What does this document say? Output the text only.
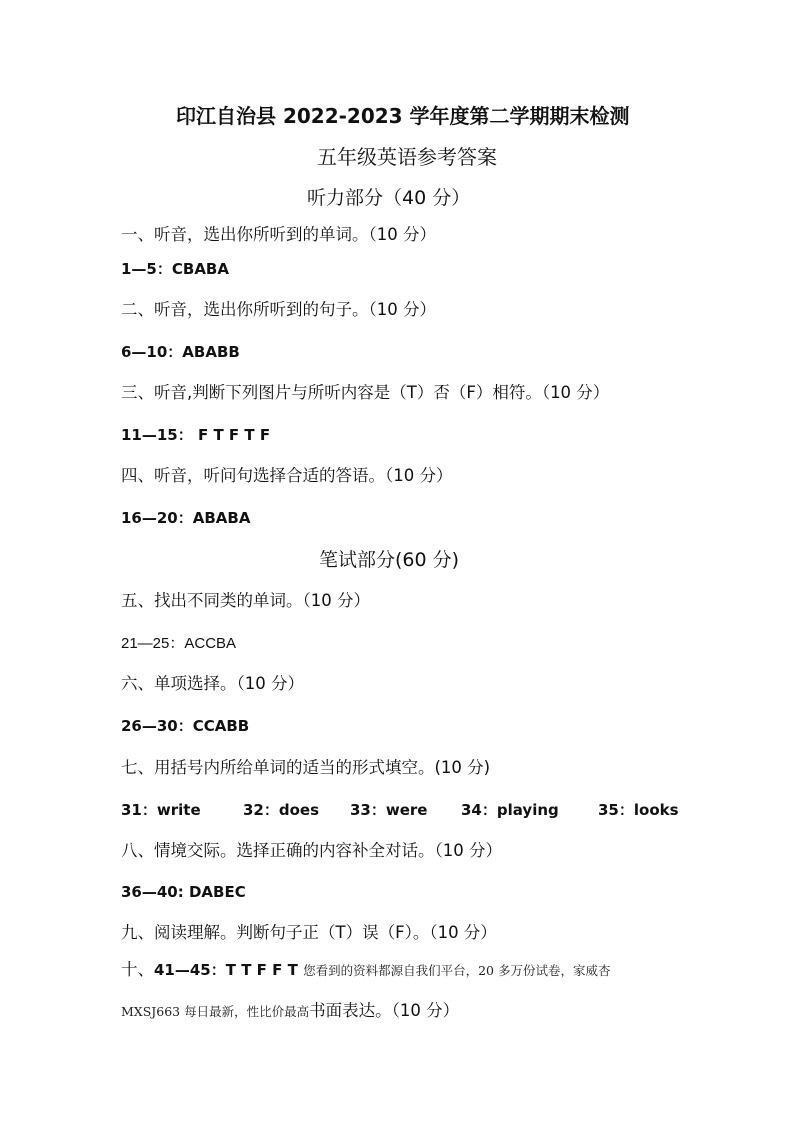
印江自治县 2022-2023 学年度第二学期期末检测
五年级英语参考答案
听力部分（40 分）
一、听音，选出你所听到的单词。（10 分）
1—5：CBABA
二、听音，选出你所听到的句子。（10 分）
6—10：ABABB
三、听音,判断下列图片与所听内容是（T）否（F）相符。（10 分）
11—15： F T F T F
四、听音，听问句选择合适的答语。（10 分）
16—20：ABABA
笔试部分(60 分)
五、找出不同类的单词。（10 分）
21—25：ACCBA
六、单项选择。（10 分）
26—30：CCABB
七、用括号内所给单词的适当的形式填空。(10 分)
31：write	32：does 33：were 34：playing	35：looks
八、情境交际。选择正确的内容补全对话。（10 分）
36—40: DABEC
九、阅读理解。判断句子正（T）误（F）。（10 分）
十、41—45：T T F F T 您看到的资料都源自我们平台，20 多万份试卷，家威杏
MXSJ663 每日最新，性比价最高书面表达。（10 分）
